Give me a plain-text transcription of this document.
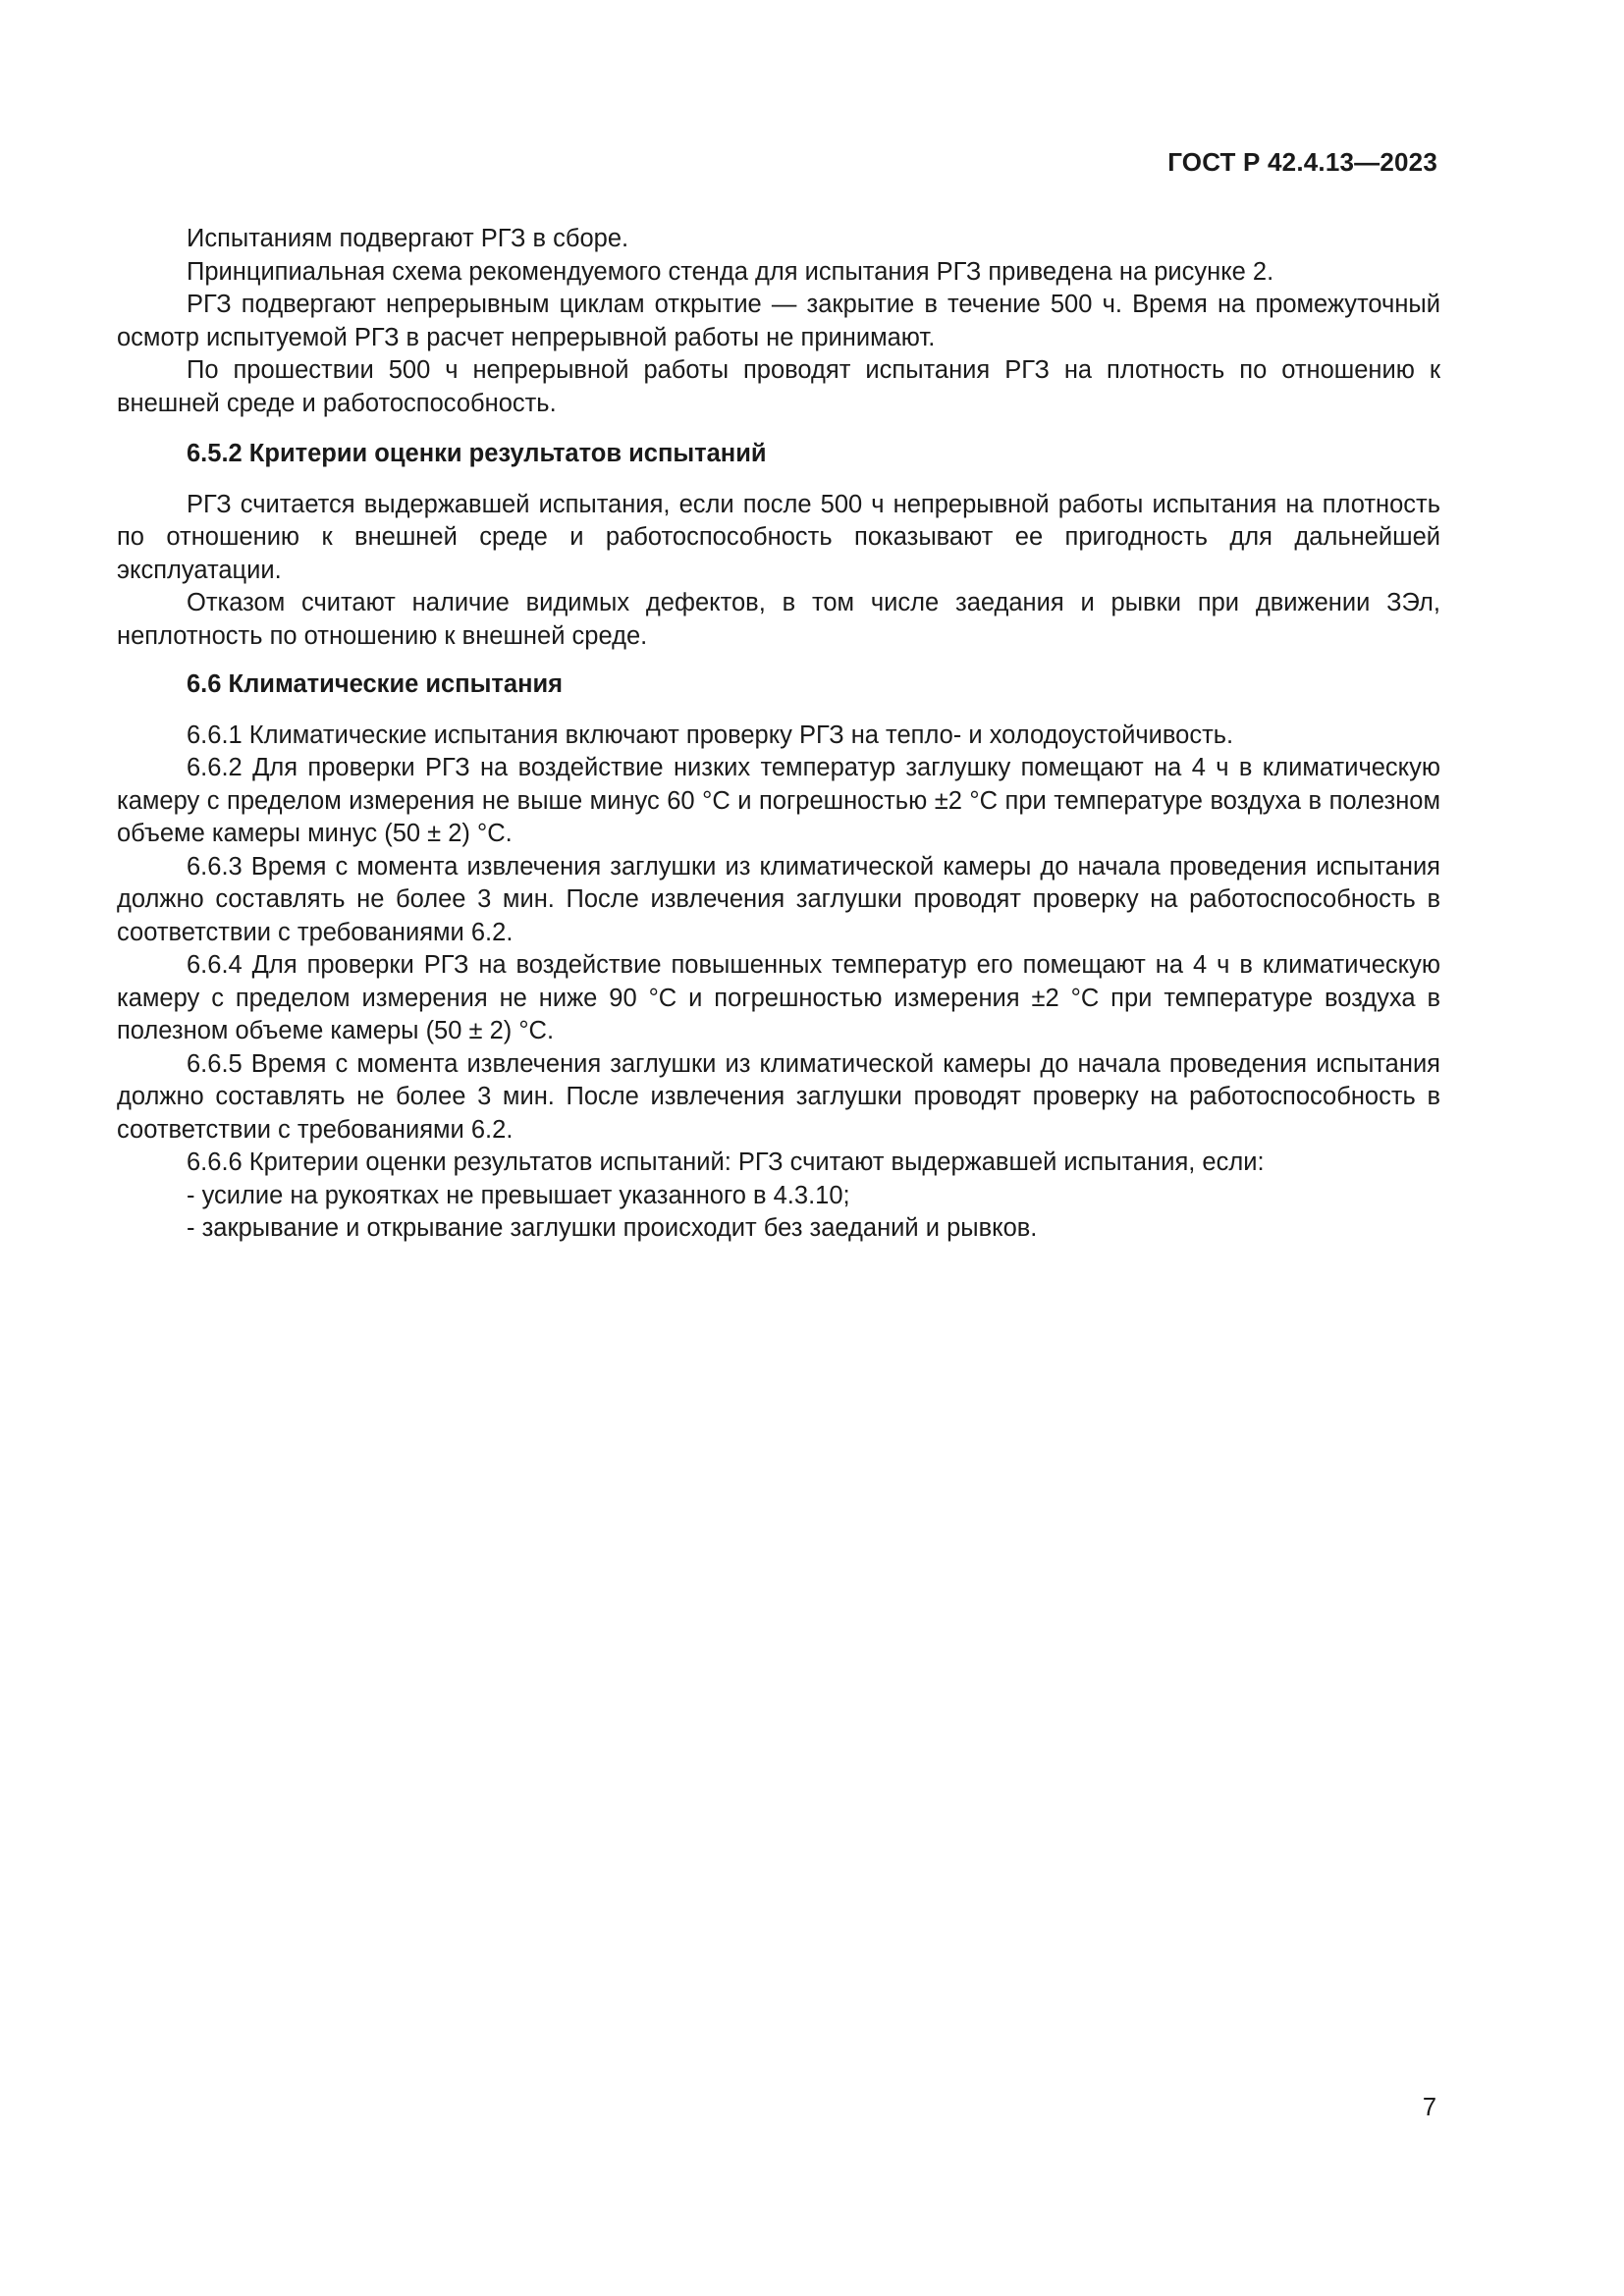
ГОСТ Р 42.4.13—2023

Испытаниям подвергают РГЗ в сборе.

Принципиальная схема рекомендуемого стенда для испытания РГЗ приведена на рисунке 2.

РГЗ подвергают непрерывным циклам открытие — закрытие в течение 500 ч. Время на промежуточный осмотр испытуемой РГЗ в расчет непрерывной работы не принимают.

По прошествии 500 ч непрерывной работы проводят испытания РГЗ на плотность по отношению к внешней среде и работоспособность.

6.5.2 Критерии оценки результатов испытаний

РГЗ считается выдержавшей испытания, если после 500 ч непрерывной работы испытания на плотность по отношению к внешней среде и работоспособность показывают ее пригодность для дальнейшей эксплуатации.

Отказом считают наличие видимых дефектов, в том числе заедания и рывки при движении ЗЭл, неплотность по отношению к внешней среде.

6.6 Климатические испытания

6.6.1 Климатические испытания включают проверку РГЗ на тепло- и холодоустойчивость.

6.6.2 Для проверки РГЗ на воздействие низких температур заглушку помещают на 4 ч в климатическую камеру с пределом измерения не выше минус 60 °С и погрешностью ±2 °С при температуре воздуха в полезном объеме камеры минус (50 ± 2) °С.

6.6.3 Время с момента извлечения заглушки из климатической камеры до начала проведения испытания должно составлять не более 3 мин. После извлечения заглушки проводят проверку на работоспособность в соответствии с требованиями 6.2.

6.6.4 Для проверки РГЗ на воздействие повышенных температур его помещают на 4 ч в климатическую камеру с пределом измерения не ниже 90 °С и погрешностью измерения ±2 °С при температуре воздуха в полезном объеме камеры (50 ± 2) °С.

6.6.5 Время с момента извлечения заглушки из климатической камеры до начала проведения испытания должно составлять не более 3 мин. После извлечения заглушки проводят проверку на работоспособность в соответствии с требованиями 6.2.

6.6.6 Критерии оценки результатов испытаний: РГЗ считают выдержавшей испытания, если:

- усилие на рукоятках не превышает указанного в 4.3.10;
- закрывание и открывание заглушки происходит без заеданий и рывков.
7
